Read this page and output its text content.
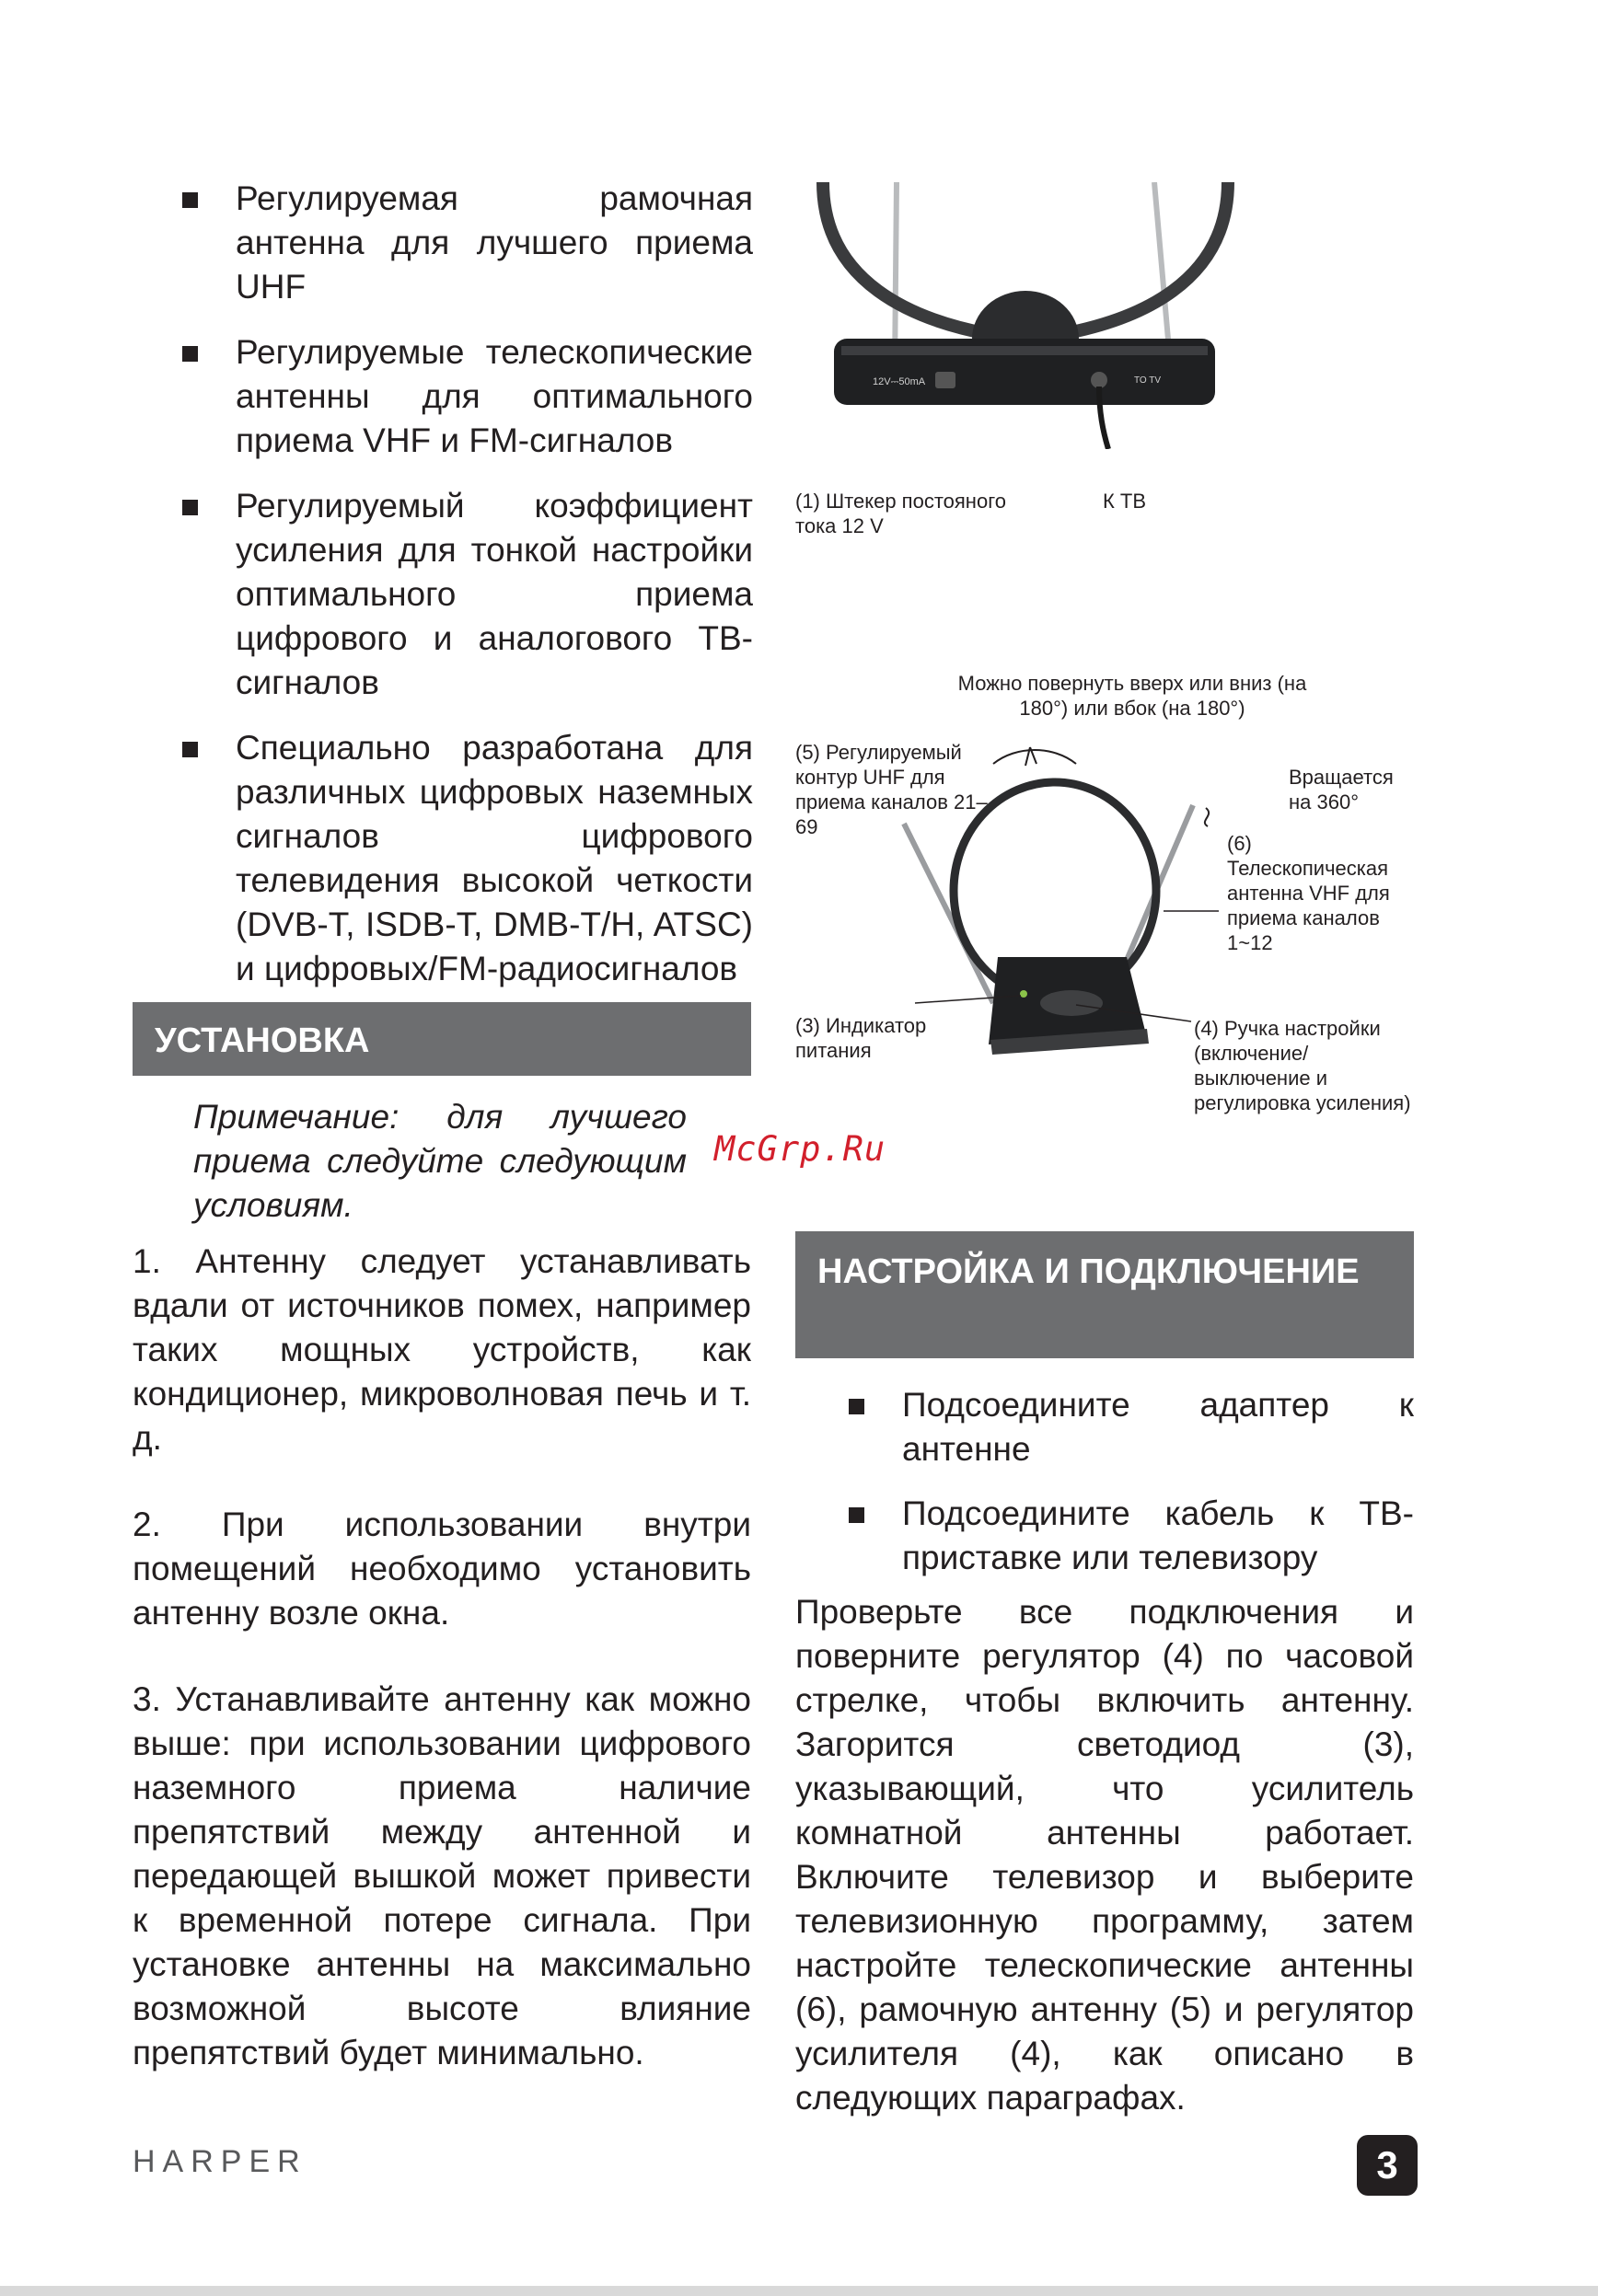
Регулируемая рамочная антенна для лучшего приема UHF
Регулируемые телескопические антенны для оптимального приема VHF и FM-сигналов
Регулируемый коэффициент усиления для тонкой настройки оптимального приема цифрового и аналогового ТВ-сигналов
Специально разработана для различных цифровых наземных сигналов цифрового телевидения высокой четкости (DVB-T, ISDB-T, DMB-T/H, ATSC) и цифровых/FM-радиосигналов
УСТАНОВКА
Примечание: для лучшего приема следуйте следующим условиям.

1. Антенну следует устанавливать вдали от источников помех, например таких мощных устройств, как кондиционер, микроволновая печь и т. д.

2. При использовании внутри помещений необходимо установить антенну возле окна.

3. Устанавливайте антенну как можно выше: при использовании цифрового наземного приема наличие препятствий между антенной и передающей вышкой может привести к временной потере сигнала. При установке антенны на максимально возможной высоте влияние препятствий будет минимально.

12V⎓50mA	TO TV
(1) Штекер постояного тока 12 V
К ТВ
Можно повернуть вверх или вниз (на 180°) или вбок (на 180°)
(5) Регулируемый контур UHF для приема каналов 21–69
Вращается на 360°
(6) Телескопическая антенна VHF для приема каналов 1~12
(3) Индикатор питания
(4) Ручка настройки (включение/ выключение и регулировка усиления)
McGrp.Ru
НАСТРОЙКА И ПОДКЛЮЧЕНИЕ
Подсоедините адаптер к антенне
Подсоедините кабель к ТВ-приставке или телевизору

Проверьте все подключения и поверните регулятор (4) по часовой стрелке, чтобы включить антенну. Загорится светодиод (3), указывающий, что усилитель комнатной антенны работает. Включите телевизор и выберите телевизионную программу, затем настройте телескопические антенны (6), рамочную антенну (5) и регулятор усилителя (4), как описано в следующих параграфах.

HARPER	3
